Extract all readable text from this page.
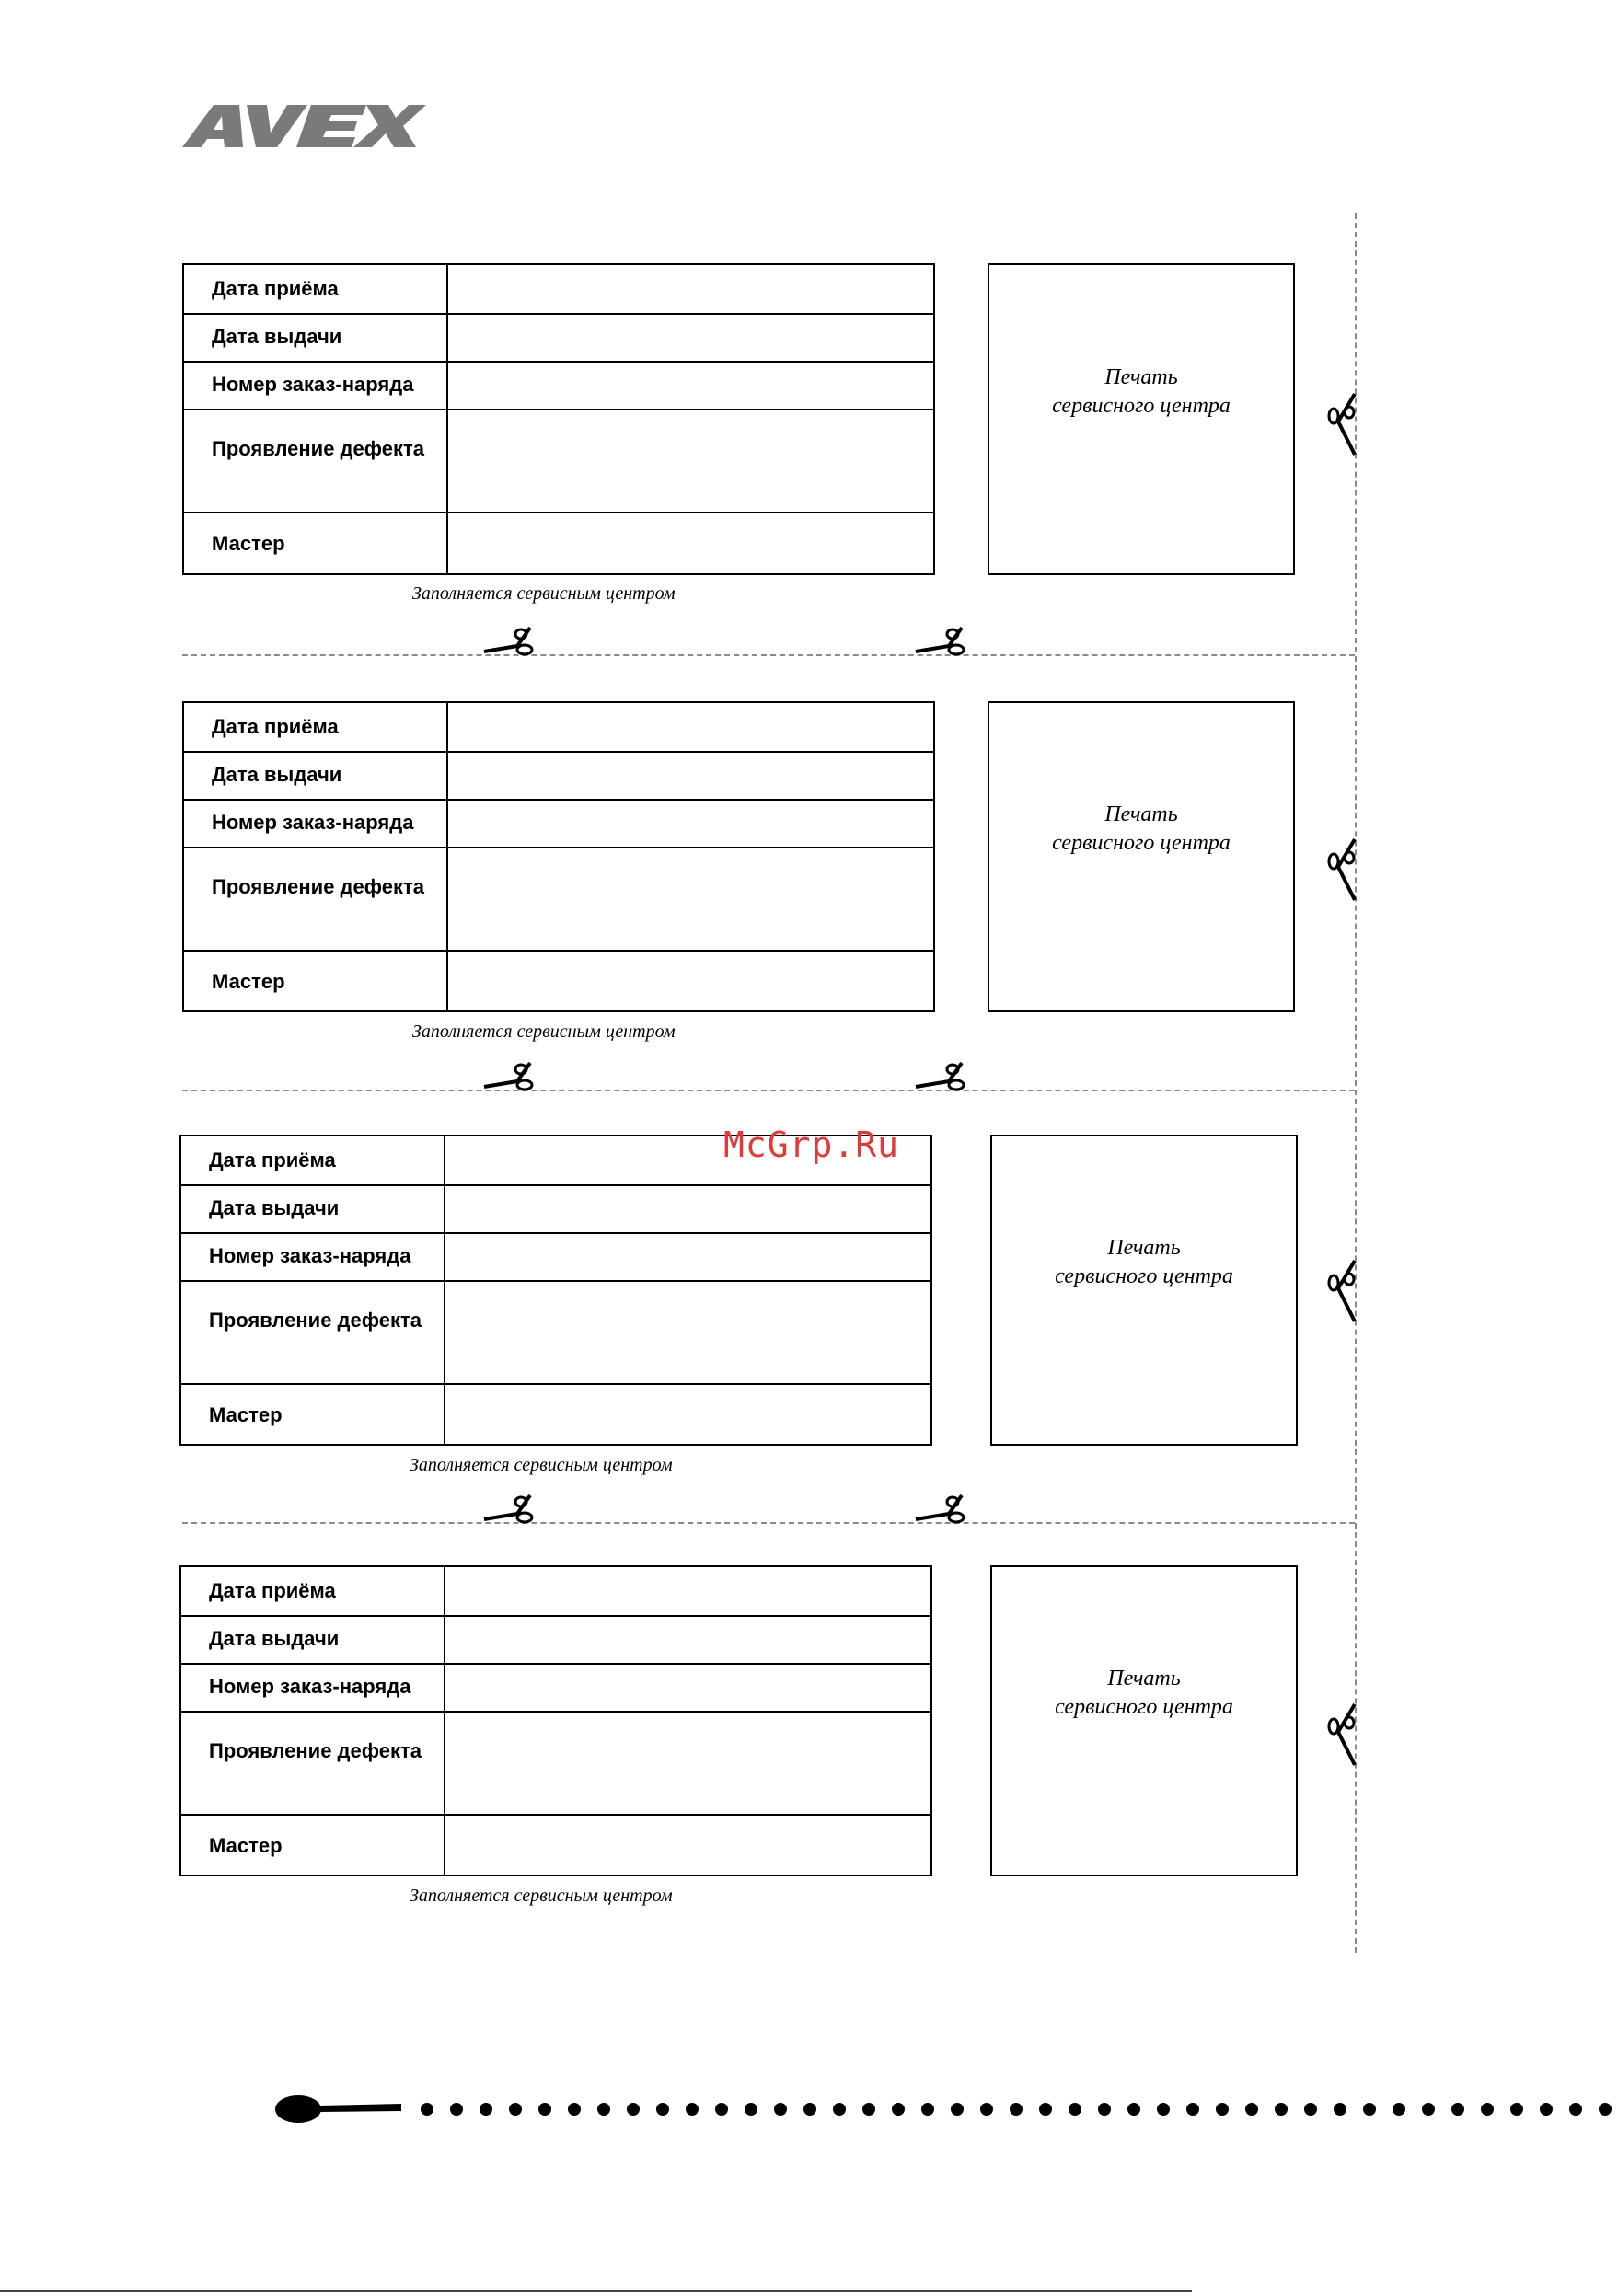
AVEX
Дата приёма
Дата выдачи
Номер заказ-наряда
Проявление дефекта
Мастер
Печать
сервисного центра
Заполняется сервисным центром
Дата приёма
Дата выдачи
Номер заказ-наряда
Проявление дефекта
Мастер
Печать
сервисного центра
Заполняется сервисным центром
Дата приёма
Дата выдачи
Номер заказ-наряда
Проявление дефекта
Мастер
Печать
сервисного центра
Заполняется сервисным центром
Дата приёма
Дата выдачи
Номер заказ-наряда
Проявление дефекта
Мастер
Печать
сервисного центра
Заполняется сервисным центром
McGrp.Ru
